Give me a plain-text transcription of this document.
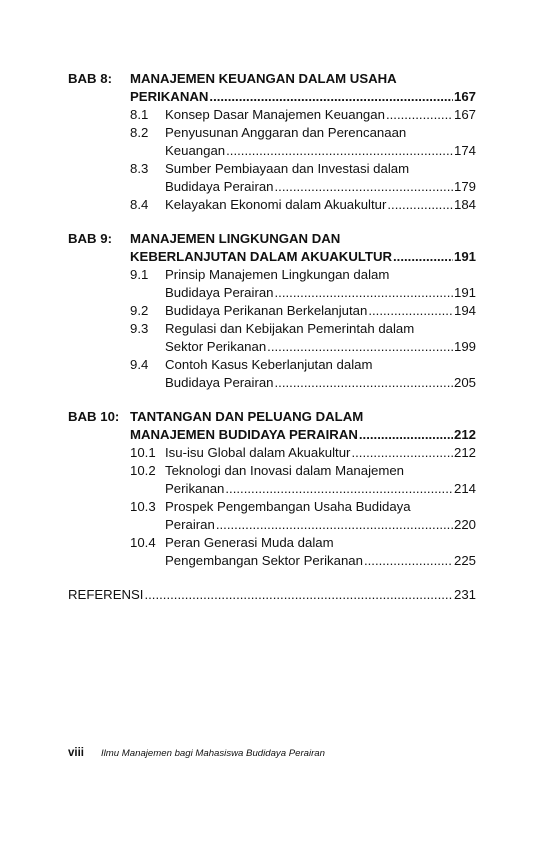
BAB 8:	MANAJEMEN KEUANGAN DALAM USAHA
PERIKANAN .....	167
8.1	Konsep Dasar Manajemen Keuangan .....	167
8.2	Penyusunan Anggaran dan Perencanaan
Keuangan .....	174
8.3	Sumber Pembiayaan dan Investasi dalam
Budidaya Perairan .....	179
8.4	Kelayakan Ekonomi dalam Akuakultur .....	184
BAB 9:	MANAJEMEN LINGKUNGAN DAN
KEBERLANJUTAN DALAM AKUAKULTUR .....	191
9.1	Prinsip Manajemen Lingkungan dalam
Budidaya Perairan .....	191
9.2	Budidaya Perikanan Berkelanjutan .....	194
9.3	Regulasi dan Kebijakan Pemerintah dalam
Sektor Perikanan .....	199
9.4	Contoh Kasus Keberlanjutan dalam
Budidaya Perairan .....	205
BAB 10: TANTANGAN DAN PELUANG DALAM
MANAJEMEN BUDIDAYA PERAIRAN .....	212
10.1 Isu-isu Global dalam Akuakultur .....	212
10.2 Teknologi dan Inovasi dalam Manajemen
Perikanan .....	214
10.3 Prospek Pengembangan Usaha Budidaya
Perairan .....	220
10.4 Peran Generasi Muda dalam
Pengembangan Sektor Perikanan .....	225
REFERENSI .....	231
viii	Ilmu Manajemen bagi Mahasiswa Budidaya Perairan
